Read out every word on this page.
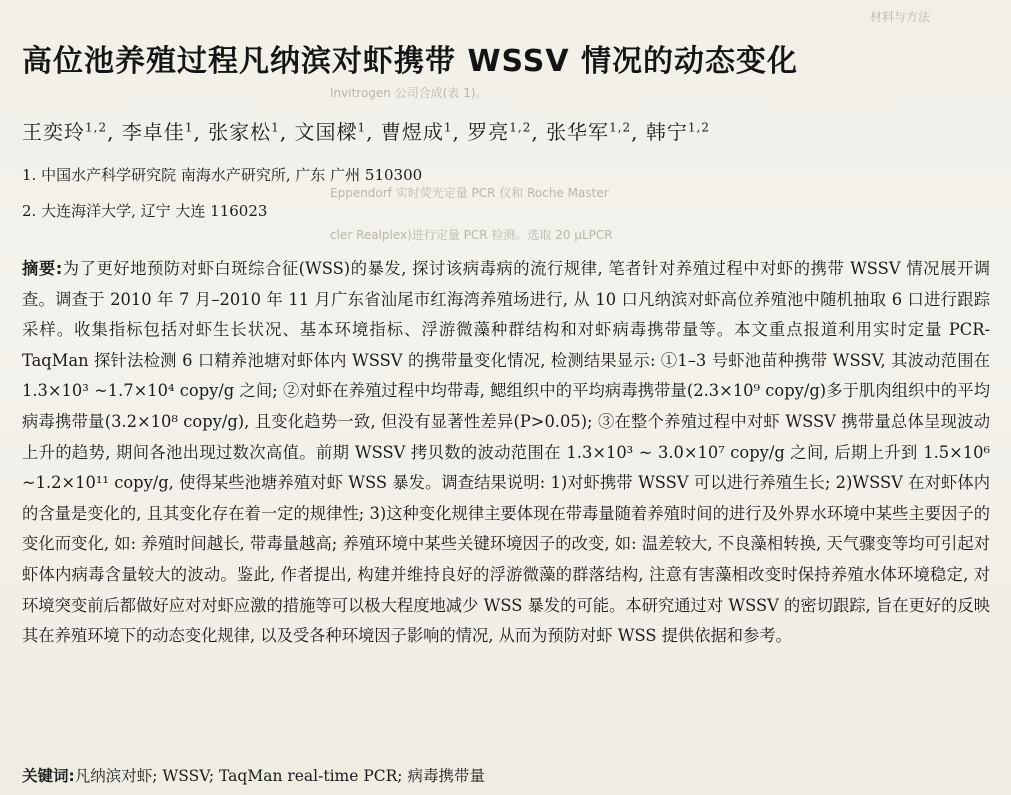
材料与方法
Invitrogen 公司合成(表 1)。
Eppendorf 实时荧光定量 PCR 仪和 Roche Master
cler Realplex)进行定量 PCR 检测。选取 20 μLPCR
高位池养殖过程凡纳滨对虾携带 WSSV 情况的动态变化
王奕玲$^{1,2}$, 李卓佳$^1$, 张家松$^1$, 文国樑$^1$, 曹煜成$^1$, 罗亮$^{1,2}$, 张华军$^{1,2}$, 韩宁$^{1,2}$
1. 中国水产科学研究院 南海水产研究所, 广东 广州 510300
2. 大连海洋大学, 辽宁 大连 116023

摘要:为了更好地预防对虾白斑综合征(WSS)的暴发, 探讨该病毒病的流行规律, 笔者针对养殖过程中对虾的携带 WSSV 情况展开调查。调查于 2010 年 7 月–2010 年 11 月广东省汕尾市红海湾养殖场进行, 从 10 口凡纳滨对虾高位养殖池中随机抽取 6 口进行跟踪采样。收集指标包括对虾生长状况、基本环境指标、浮游微藻种群结构和对虾病毒携带量等。本文重点报道利用实时定量 PCR-TaqMan 探针法检测 6 口精养池塘对虾体内 WSSV 的携带量变化情况, 检测结果显示: ①1–3 号虾池苗种携带 WSSV, 其波动范围在 1.3×10³ ~1.7×10⁴ copy/g 之间; ②对虾在养殖过程中均带毒, 鳃组织中的平均病毒携带量(2.3×10⁹ copy/g)多于肌肉组织中的平均病毒携带量(3.2×10⁸ copy/g), 且变化趋势一致, 但没有显著性差异(P>0.05); ③在整个养殖过程中对虾 WSSV 携带量总体呈现波动上升的趋势, 期间各池出现过数次高值。前期 WSSV 拷贝数的波动范围在 1.3×10³ ~ 3.0×10⁷ copy/g 之间, 后期上升到 1.5×10⁶ ~1.2×10¹¹ copy/g, 使得某些池塘养殖对虾 WSS 暴发。调查结果说明: 1)对虾携带 WSSV 可以进行养殖生长; 2)WSSV 在对虾体内的含量是变化的, 且其变化存在着一定的规律性; 3)这种变化规律主要体现在带毒量随着养殖时间的进行及外界水环境中某些主要因子的变化而变化, 如: 养殖时间越长, 带毒量越高; 养殖环境中某些关键环境因子的改变, 如: 温差较大, 不良藻相转换, 天气骤变等均可引起对虾体内病毒含量较大的波动。鉴此, 作者提出, 构建并维持良好的浮游微藻的群落结构, 注意有害藻相改变时保持养殖水体环境稳定, 对环境突变前后都做好应对对虾应激的措施等可以极大程度地减少 WSS 暴发的可能。本研究通过对 WSSV 的密切跟踪, 旨在更好的反映其在养殖环境下的动态变化规律, 以及受各种环境因子影响的情况, 从而为预防对虾 WSS 提供依据和参考。

关键词:凡纳滨对虾; WSSV; TaqMan real-time PCR; 病毒携带量
